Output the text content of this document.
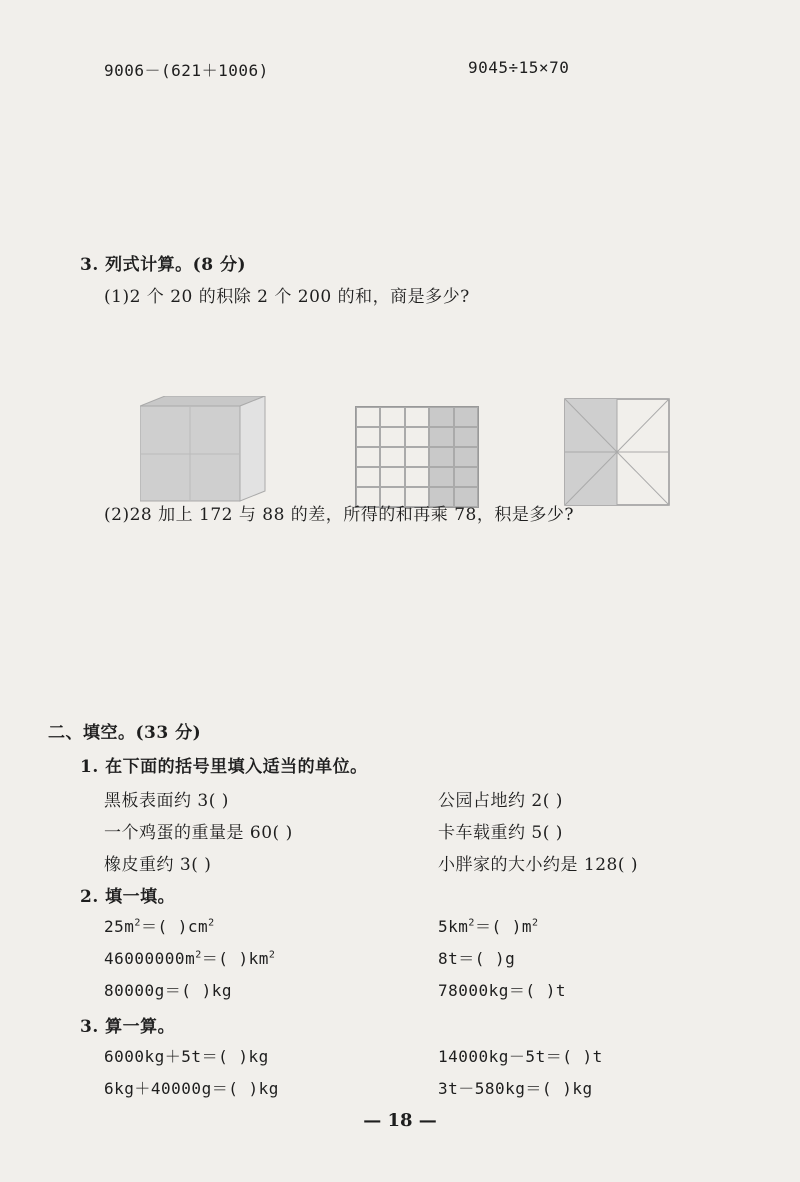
9006－(621＋1006)	9045÷15×70
3. 列式计算。(8 分)
(1)2 个 20 的积除 2 个 200 的和，商是多少?
(2)28 加上 172 与 88 的差，所得的和再乘 78，积是多少?
二、填空。(33 分)
1. 在下面的括号里填入适当的单位。
黑板表面约 3( )	公园占地约 2( )
一个鸡蛋的重量是 60( )	卡车载重约 5( )
橡皮重约 3( )	小胖家的大小约是 128( )
2. 填一填。
$25m^2=$( )$cm^2$	$5km^2=$( )$m^2$
$46000000m^2=$( )$km^2$	8t＝( )g
80000g＝( )kg	78000kg＝( )t
3. 算一算。
6000kg＋5t＝( )kg	14000kg－5t＝( )t
6kg＋40000g＝( )kg	3t－580kg＝( )kg
— 18 —
